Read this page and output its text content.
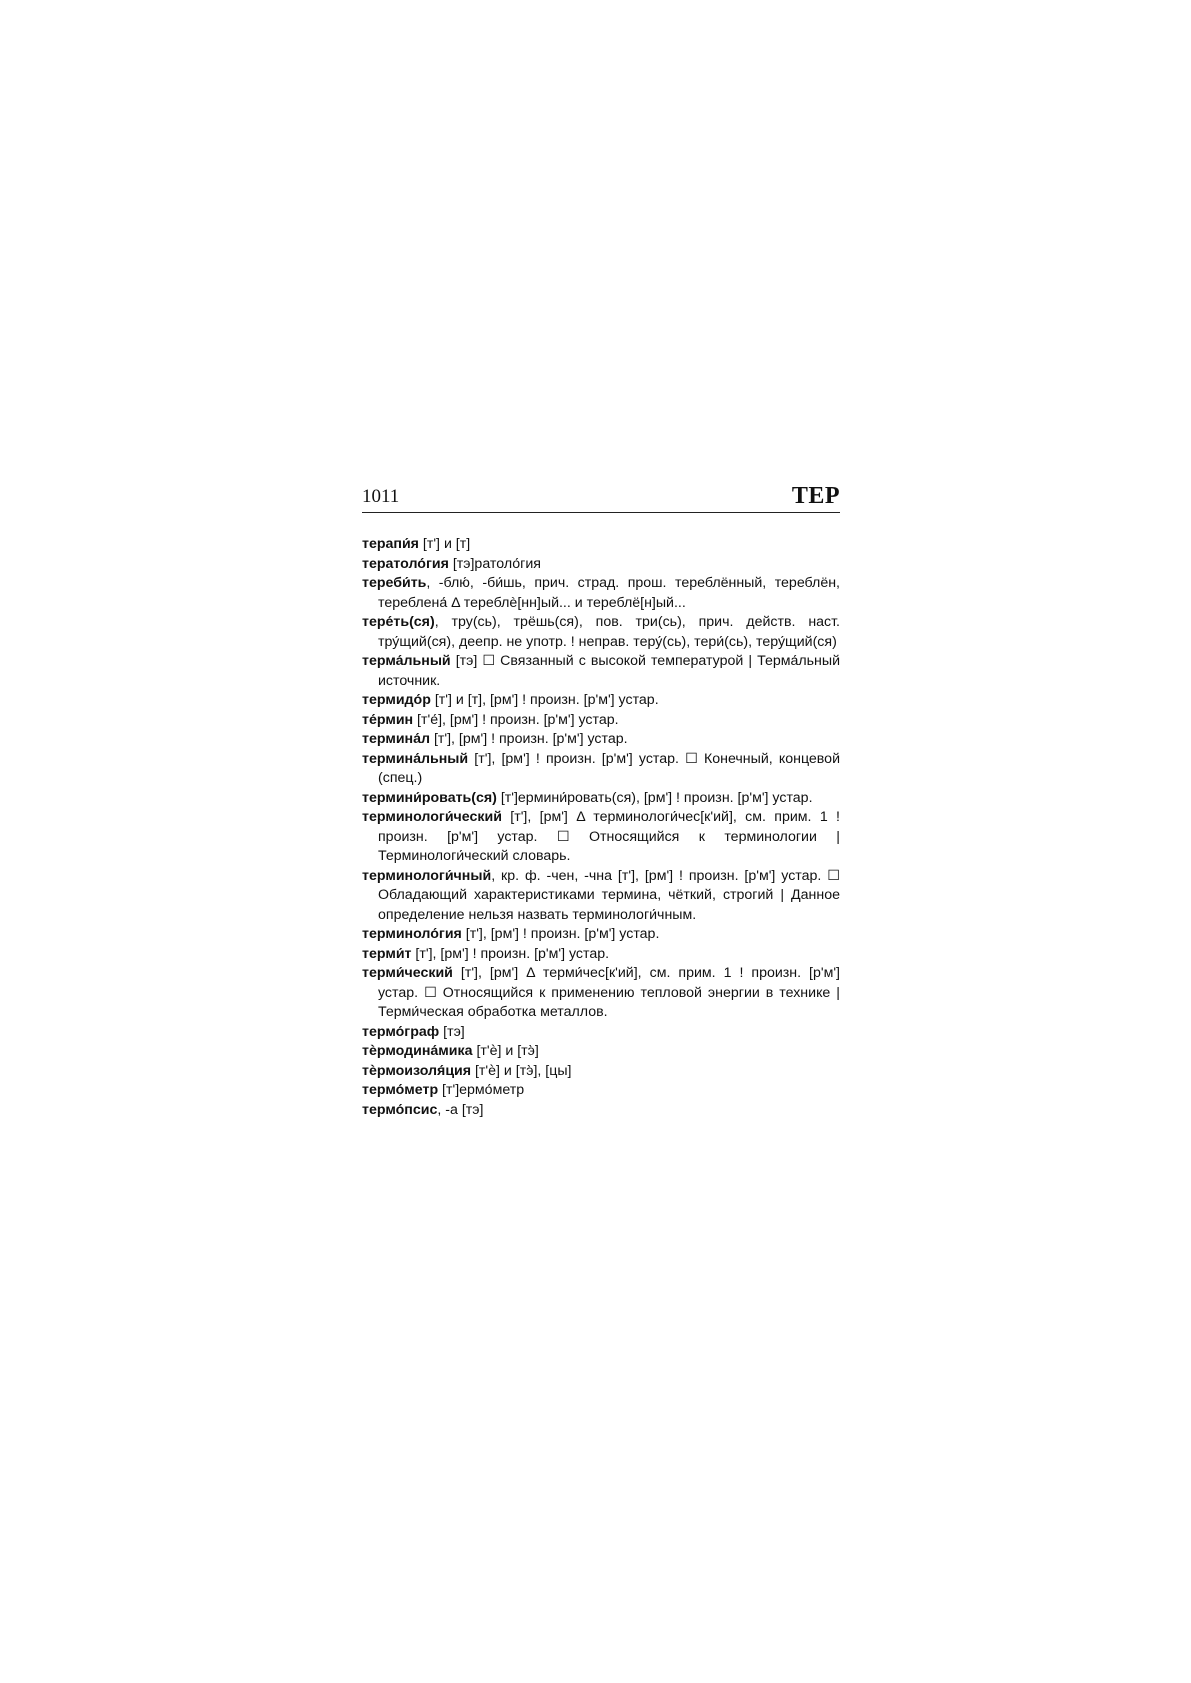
1011	ТЕР

терапи́я [т'] и [т]

тератоло́гия [тэ]ратоло́гия

тереби́ть, -блю́, -би́шь, прич. страд. прош. тереблённый, тереблён, тереблена́ Δ тереблè[нн]ый... и тереблё[н]ый...

тере́ть(ся), тру(сь), трёшь(ся), пов. три(сь), прич. действ. наст. тру́щий(ся), деепр. не употр. ! неправ. теру́(сь), тери́(сь), теру́щий(ся)

терма́льный [тэ] ☐ Связанный с высокой температурой | Терма́льный источник.

термидо́р [т'] и [т], [рм'] ! произн. [р'м'] устар.

те́рмин [т'е́], [рм'] ! произн. [р'м'] устар.

термина́л [т'], [рм'] ! произн. [р'м'] устар.

термина́льный [т'], [рм'] ! произн. [р'м'] устар. ☐ Конечный, концевой (спец.)

термини́ровать(ся) [т']ермини́ровать(ся), [рм'] ! произн. [р'м'] устар.

терминологи́ческий [т'], [рм'] Δ терминологи́чес[к'ий], см. прим. 1 ! произн. [р'м'] устар. ☐ Относящийся к терминологии | Терминологи́ческий словарь.

терминологи́чный, кр. ф. -чен, -чна [т'], [рм'] ! произн. [р'м'] устар. ☐ Обладающий характеристиками термина, чёткий, строгий | Данное определение нельзя назвать терминологи́чным.

терминоло́гия [т'], [рм'] ! произн. [р'м'] устар.

терми́т [т'], [рм'] ! произн. [р'м'] устар.

терми́ческий [т'], [рм'] Δ терми́чес[к'ий], см. прим. 1 ! произн. [р'м'] устар. ☐ Относящийся к применению тепловой энергии в технике | Терми́ческая обработка металлов.

термо́граф [тэ]

тѐрмодина́мика [т'ѐ] и [тэ̀]

тѐрмоизоля́ция [т'ѐ] и [тэ̀], [цы]

термо́метр [т']ермо́метр

термо́псис, -а [тэ]
